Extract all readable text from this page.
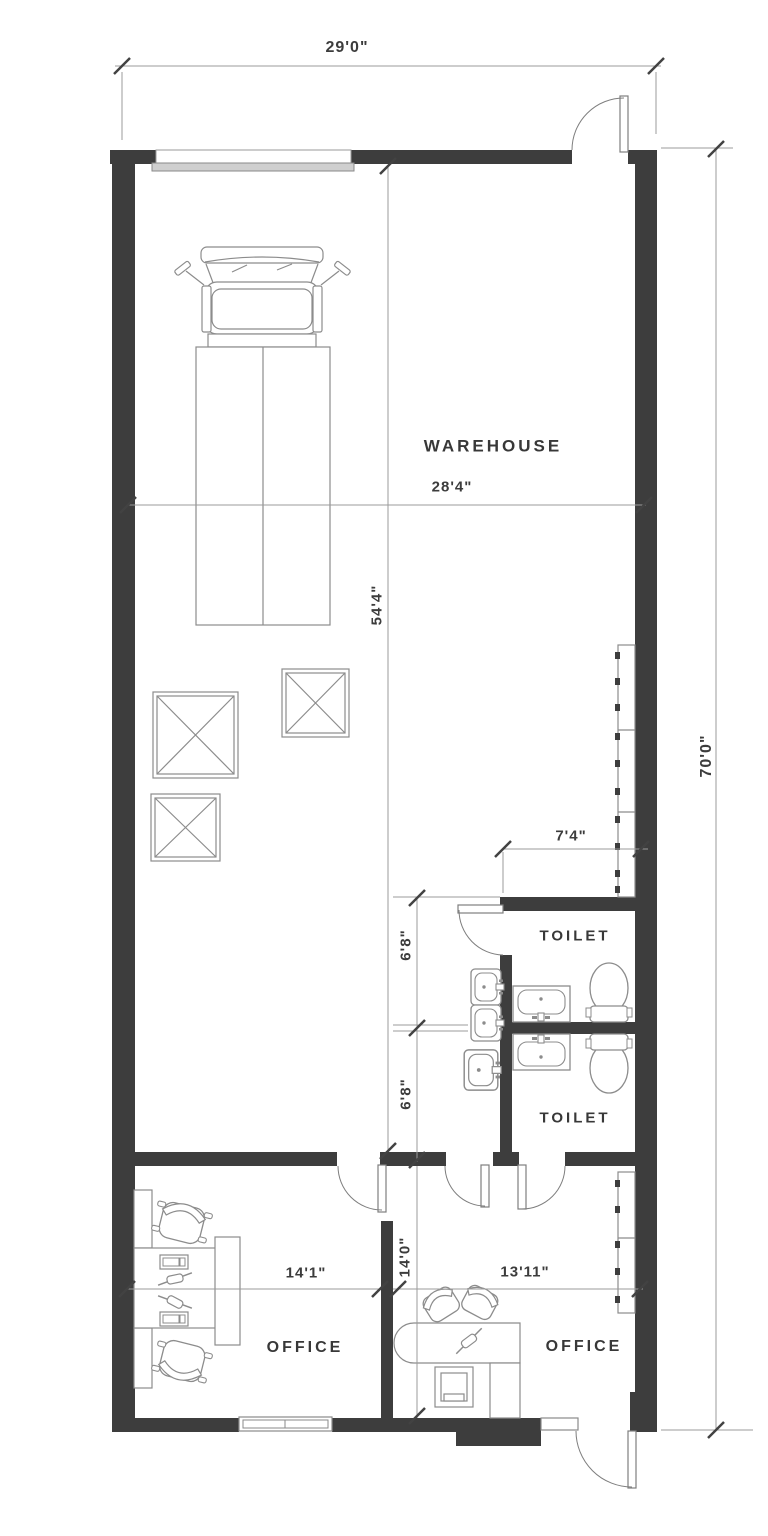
29'0"
WAREHOUSE
28'4"
54'4"
70'0"
7'4"
TOILET
6'8"
6'8"
TOILET
14'1"	14'0"	13'11"
OFFICE	OFFICE
